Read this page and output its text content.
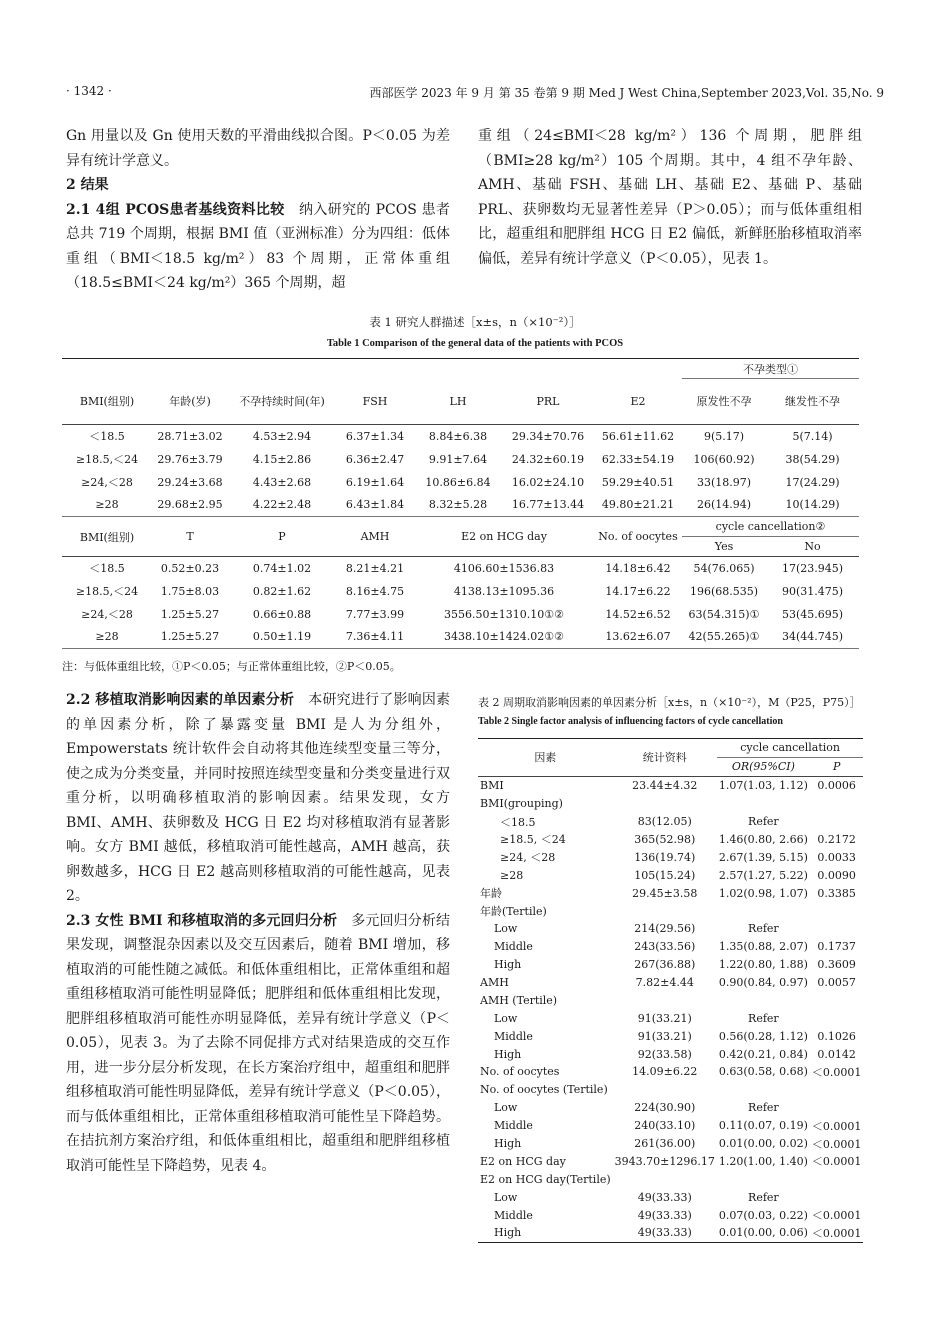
· 1342 ·	西部医学 2023 年 9 月 第 35 卷第 9 期 Med J West China,September 2023,Vol. 35,No. 9

Gn 用量以及 Gn 使用天数的平滑曲线拟合图。P＜0.05 为差异有统计学意义。

2 结果

2.1 4组 PCOS患者基线资料比较　 纳入研究的 PCOS 患者总共 719 个周期，根据 BMI 值（亚洲标准）分为四组：低体重组（BMI＜18.5 kg/m²）83 个周期，正常体重组（18.5≤BMI＜24 kg/m²）365 个周期，超

重组（24≤BMI＜28 kg/m²）136 个周期，肥胖组（BMI≥28 kg/m²）105 个周期。其中，4 组不孕年龄、AMH、基础 FSH、基础 LH、基础 E2、基础 P、基础 PRL、获卵数均无显著性差异（P＞0.05）；而与低体重组相比，超重组和肥胖组 HCG 日 E2 偏低，新鲜胚胎移植取消率偏低，差异有统计学意义（P＜0.05），见表 1。

表 1 研究人群描述［x±s，n（×10⁻²）］
Table 1 Comparison of the general data of the patients with PCOS
							不孕类型①	
BMI(组别)	年龄(岁)	不孕持续时间(年)	FSH	LH	PRL	E2	原发性不孕	继发性不孕
＜18.5	28.71±3.02	4.53±2.94	6.37±1.34	8.84±6.38	29.34±70.76	56.61±11.62	9(5.17)	5(7.14)
≥18.5,＜24	29.76±3.79	4.15±2.86	6.36±2.47	9.91±7.64	24.32±60.19	62.33±54.19	106(60.92)	38(54.29)
≥24,＜28	29.24±3.68	4.43±2.68	6.19±1.64	10.86±6.84	16.02±24.10	59.29±40.51	33(18.97)	17(24.29)
≥28	29.68±2.95	4.22±2.48	6.43±1.84	8.32±5.28	16.77±13.44	49.80±21.21	26(14.94)	10(14.29)
BMI(组别)	T	P	AMH	E2 on HCG day		No. of oocytes	cycle cancellation②	
							Yes	No
＜18.5	0.52±0.23	0.74±1.02	8.21±4.21	4106.60±1536.83		14.18±6.42	54(76.065)	17(23.945)
≥18.5,＜24	1.75±8.03	0.82±1.62	8.16±4.75	4138.13±1095.36		14.17±6.22	196(68.535)	90(31.475)
≥24,＜28	1.25±5.27	0.66±0.88	7.77±3.99	3556.50±1310.10①②		14.52±6.52	63(54.315)①	53(45.695)
≥28	1.25±5.27	0.50±1.19	7.36±4.11	3438.10±1424.02①②		13.62±6.07	42(55.265)①	34(44.745)
注：与低体重组比较，①P＜0.05；与正常体重组比较，②P＜0.05。

2.2 移植取消影响因素的单因素分析　 本研究进行了影响因素的单因素分析，除了暴露变量 BMI 是人为分组外，Empowerstats 统计软件会自动将其他连续型变量三等分，使之成为分类变量，并同时按照连续型变量和分类变量进行双重分析，以明确移植取消的影响因素。结果发现，女方 BMI、AMH、获卵数及 HCG 日 E2 均对移植取消有显著影响。女方 BMI 越低，移植取消可能性越高，AMH 越高，获卵数越多，HCG 日 E2 越高则移植取消的可能性越高，见表 2。

2.3 女性 BMI 和移植取消的多元回归分析　 多元回归分析结果发现，调整混杂因素以及交互因素后，随着 BMI 增加，移植取消的可能性随之减低。和低体重组相比，正常体重组和超重组移植取消可能性明显降低；肥胖组和低体重组相比发现，肥胖组移植取消可能性亦明显降低，差异有统计学意义（P＜0.05），见表 3。为了去除不同促排方式对结果造成的交互作用，进一步分层分析发现，在长方案治疗组中，超重组和肥胖组移植取消可能性明显降低，差异有统计学意义（P＜0.05），而与低体重组相比，正常体重组移植取消可能性呈下降趋势。在拮抗剂方案治疗组，和低体重组相比，超重组和肥胖组移植取消可能性呈下降趋势，见表 4。

表 2 周期取消影响因素的单因素分析［x±s，n（×10⁻²），M（P25，P75）］
Table 2 Single factor analysis of influencing factors of cycle cancellation
因素	统计资料	cycle cancellation	
		OR(95%CI)	P
BMI	23.44±4.32	1.07(1.03, 1.12)	0.0006
BMI(grouping)			
＜18.5	83(12.05)	Refer	
≥18.5, ＜24	365(52.98)	1.46(0.80, 2.66)	0.2172
≥24, ＜28	136(19.74)	2.67(1.39, 5.15)	0.0033
≥28	105(15.24)	2.57(1.27, 5.22)	0.0090
年龄	29.45±3.58	1.02(0.98, 1.07)	0.3385
年龄(Tertile)			
Low	214(29.56)	Refer	
Middle	243(33.56)	1.35(0.88, 2.07)	0.1737
High	267(36.88)	1.22(0.80, 1.88)	0.3609
AMH	7.82±4.44	0.90(0.84, 0.97)	0.0057
AMH (Tertile)			
Low	91(33.21)	Refer	
Middle	91(33.21)	0.56(0.28, 1.12)	0.1026
High	92(33.58)	0.42(0.21, 0.84)	0.0142
No. of oocytes	14.09±6.22	0.63(0.58, 0.68)	＜0.0001
No. of oocytes (Tertile)			
Low	224(30.90)	Refer	
Middle	240(33.10)	0.11(0.07, 0.19)	＜0.0001
High	261(36.00)	0.01(0.00, 0.02)	＜0.0001
E2 on HCG day	3943.70±1296.17	1.20(1.00, 1.40)	＜0.0001
E2 on HCG day(Tertile)			
Low	49(33.33)	Refer	
Middle	49(33.33)	0.07(0.03, 0.22)	＜0.0001
High	49(33.33)	0.01(0.00, 0.06)	＜0.0001
